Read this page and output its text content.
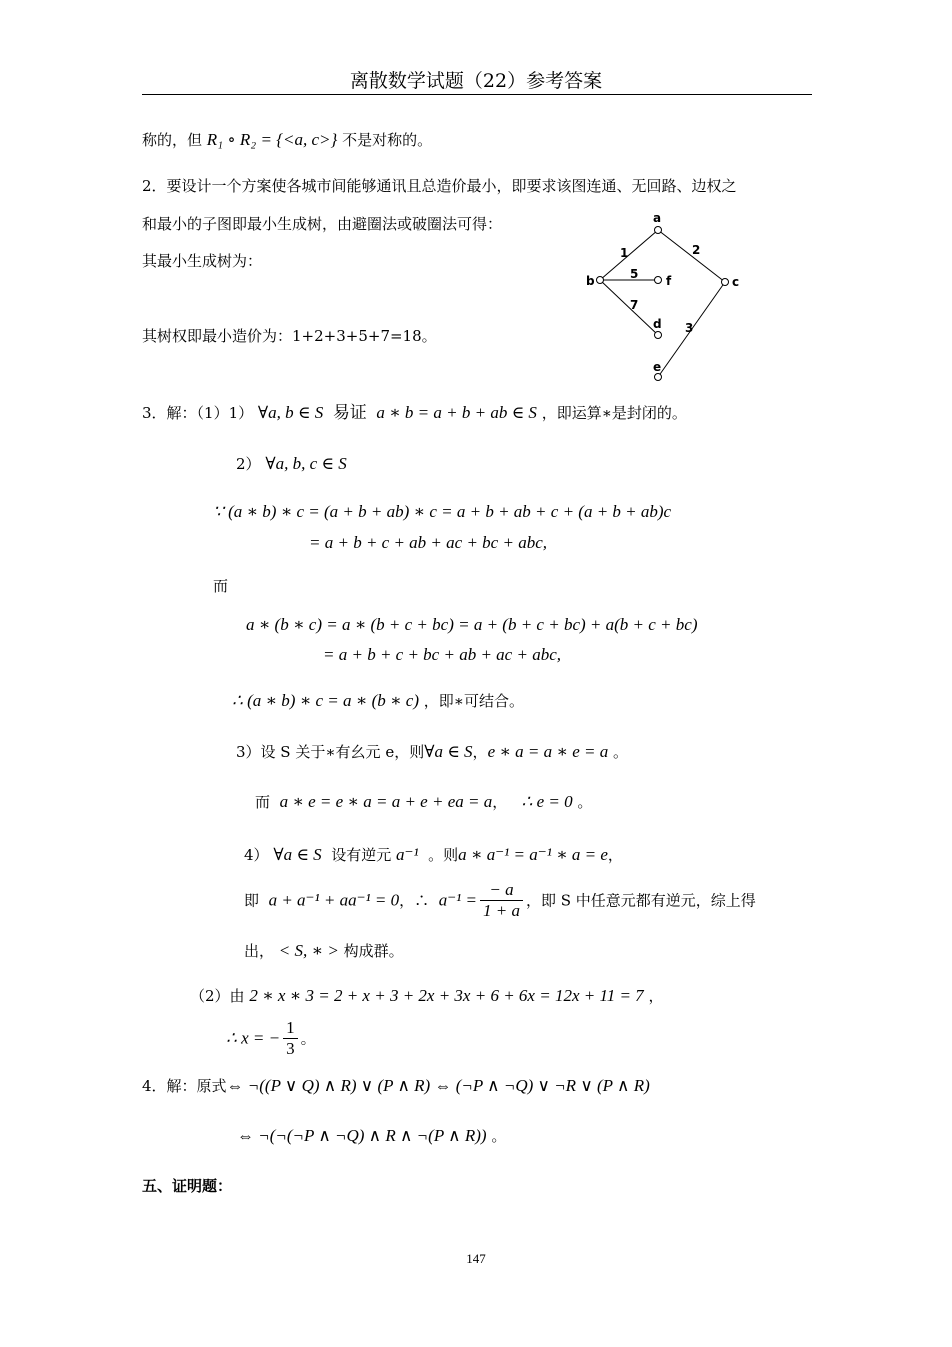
离散数学试题（22）参考答案
称的，但 R₁ ∘ R₂ = {<a, c>} 不是对称的。
2．要设计一个方案使各城市间能够通讯且总造价最小，即要求该图连通、无回路、边权之
和最小的子图即最小生成树，由避圈法或破圈法可得：
其最小生成树为：
其树权即最小造价为：1+2+3+5+7=18。
a
b	c
d
e
f
1	2
3
5
7
3．解：（1）1） ∀a, b ∈ S 易证 a ∗ b = a + b + ab ∈ S ，即运算∗是封闭的。
2） ∀a, b, c ∈ S
∵ (a ∗ b) ∗ c = (a + b + ab) ∗ c = a + b + ab + c + (a + b + ab)c
= a + b + c + ab + ac + bc + abc,
而
a ∗ (b ∗ c) = a ∗ (b + c + bc) = a + (b + c + bc) + a(b + c + bc)
= a + b + c + bc + ab + ac + abc,
∴ (a ∗ b) ∗ c = a ∗ (b ∗ c) ，即∗可结合。
3）设 S 关于∗有幺元 e，则∀a ∈ S，e ∗ a = a ∗ e = a 。
而 a ∗ e = e ∗ a = a + e + ea = a，   ∴ e = 0 。
4） ∀a ∈ S 设有逆元 a⁻¹ 。则a ∗ a⁻¹ = a⁻¹ ∗ a = e，
即 a + a⁻¹ + aa⁻¹ = 0，∴ $a^{-1} = \frac{- a}{1 + a}$ ，即 S 中任意元都有逆元，综上得
出， < S, ∗ > 构成群。
（2）由 2 ∗ x ∗ 3 = 2 + x + 3 + 2x + 3x + 6 + 6x = 12x + 11 = 7 ，
∴ x = − $\frac{1}{3}$ 。
4．解：原式⇔ ¬((P ∨ Q) ∧ R) ∨ (P ∧ R) ⇔ (¬P ∧ ¬Q) ∨ ¬R ∨ (P ∧ R)
⇔ ¬(¬(¬P ∧ ¬Q) ∧ R ∧ ¬(P ∧ R)) 。
五、证明题：
147
